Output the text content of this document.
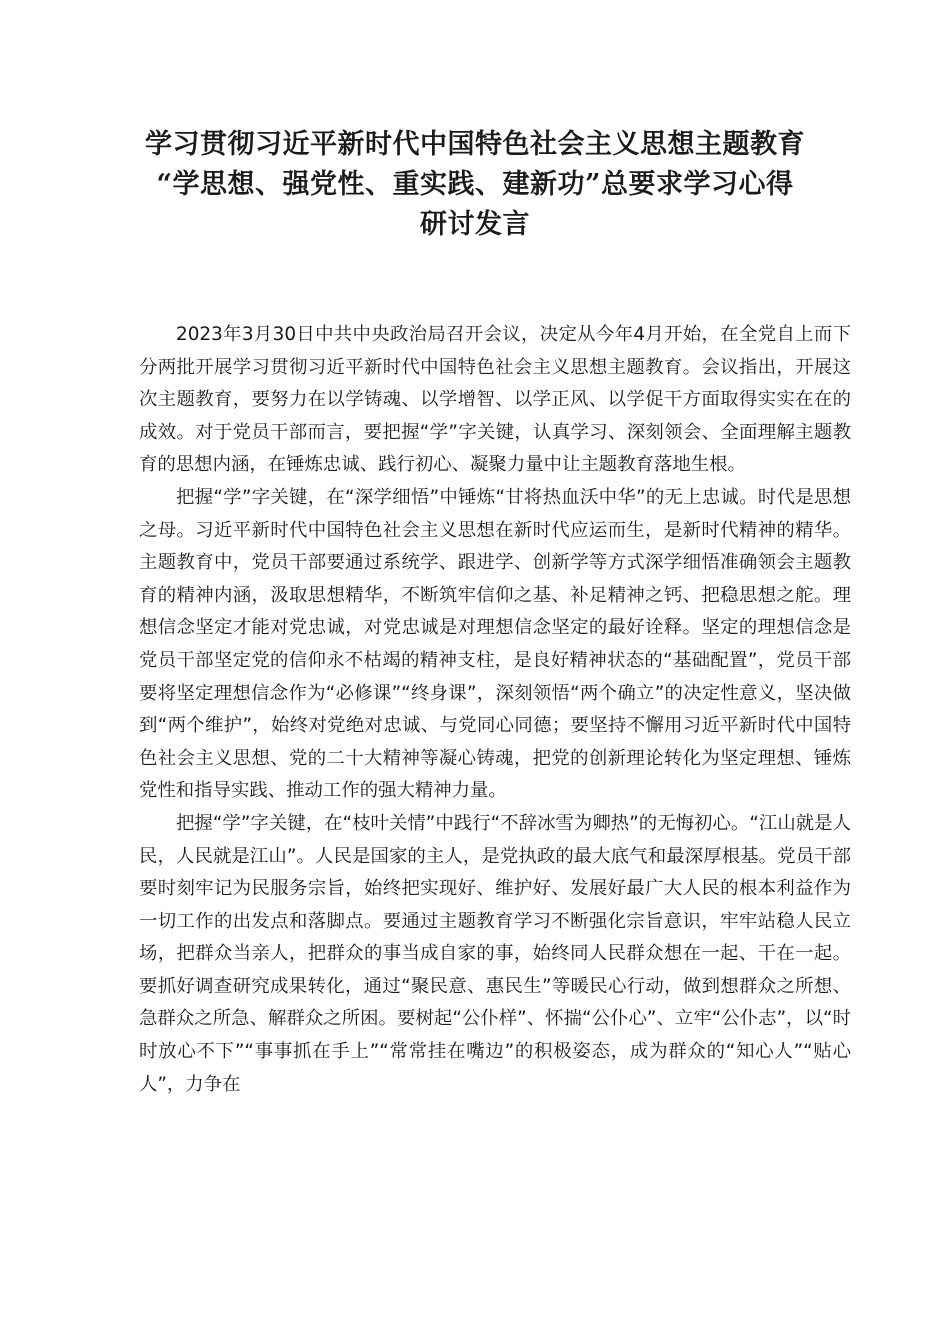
学习贯彻习近平新时代中国特色社会主义思想主题教育
“学思想、强党性、重实践、建新功”总要求学习心得
研讨发言

2023年3月30日中共中央政治局召开会议，决定从今年4月开始，在全党自上而下分两批开展学习贯彻习近平新时代中国特色社会主义思想主题教育。会议指出，开展这次主题教育，要努力在以学铸魂、以学增智、以学正风、以学促干方面取得实实在在的成效。对于党员干部而言，要把握“学”字关键，认真学习、深刻领会、全面理解主题教育的思想内涵，在锤炼忠诚、践行初心、凝聚力量中让主题教育落地生根。

把握“学”字关键，在“深学细悟”中锤炼“甘将热血沃中华”的无上忠诚。时代是思想之母。习近平新时代中国特色社会主义思想在新时代应运而生，是新时代精神的精华。主题教育中，党员干部要通过系统学、跟进学、创新学等方式深学细悟准确领会主题教育的精神内涵，汲取思想精华，不断筑牢信仰之基、补足精神之钙、把稳思想之舵。理想信念坚定才能对党忠诚，对党忠诚是对理想信念坚定的最好诠释。坚定的理想信念是党员干部坚定党的信仰永不枯竭的精神支柱，是良好精神状态的“基础配置”，党员干部要将坚定理想信念作为“必修课”“终身课”，深刻领悟“两个确立”的决定性意义，坚决做到“两个维护”，始终对党绝对忠诚、与党同心同德；要坚持不懈用习近平新时代中国特色社会主义思想、党的二十大精神等凝心铸魂，把党的创新理论转化为坚定理想、锤炼党性和指导实践、推动工作的强大精神力量。

把握“学”字关键，在“枝叶关情”中践行“不辞冰雪为卿热”的无悔初心。“江山就是人民，人民就是江山”。人民是国家的主人，是党执政的最大底气和最深厚根基。党员干部要时刻牢记为民服务宗旨，始终把实现好、维护好、发展好最广大人民的根本利益作为一切工作的出发点和落脚点。要通过主题教育学习不断强化宗旨意识，牢牢站稳人民立场，把群众当亲人，把群众的事当成自家的事，始终同人民群众想在一起、干在一起。要抓好调查研究成果转化，通过“聚民意、惠民生”等暖民心行动，做到想群众之所想、急群众之所急、解群众之所困。要树起“公仆样”、怀揣“公仆心”、立牢“公仆志”，以“时时放心不下”“事事抓在手上”“常常挂在嘴边”的积极姿态，成为群众的“知心人”“贴心人”，力争在
